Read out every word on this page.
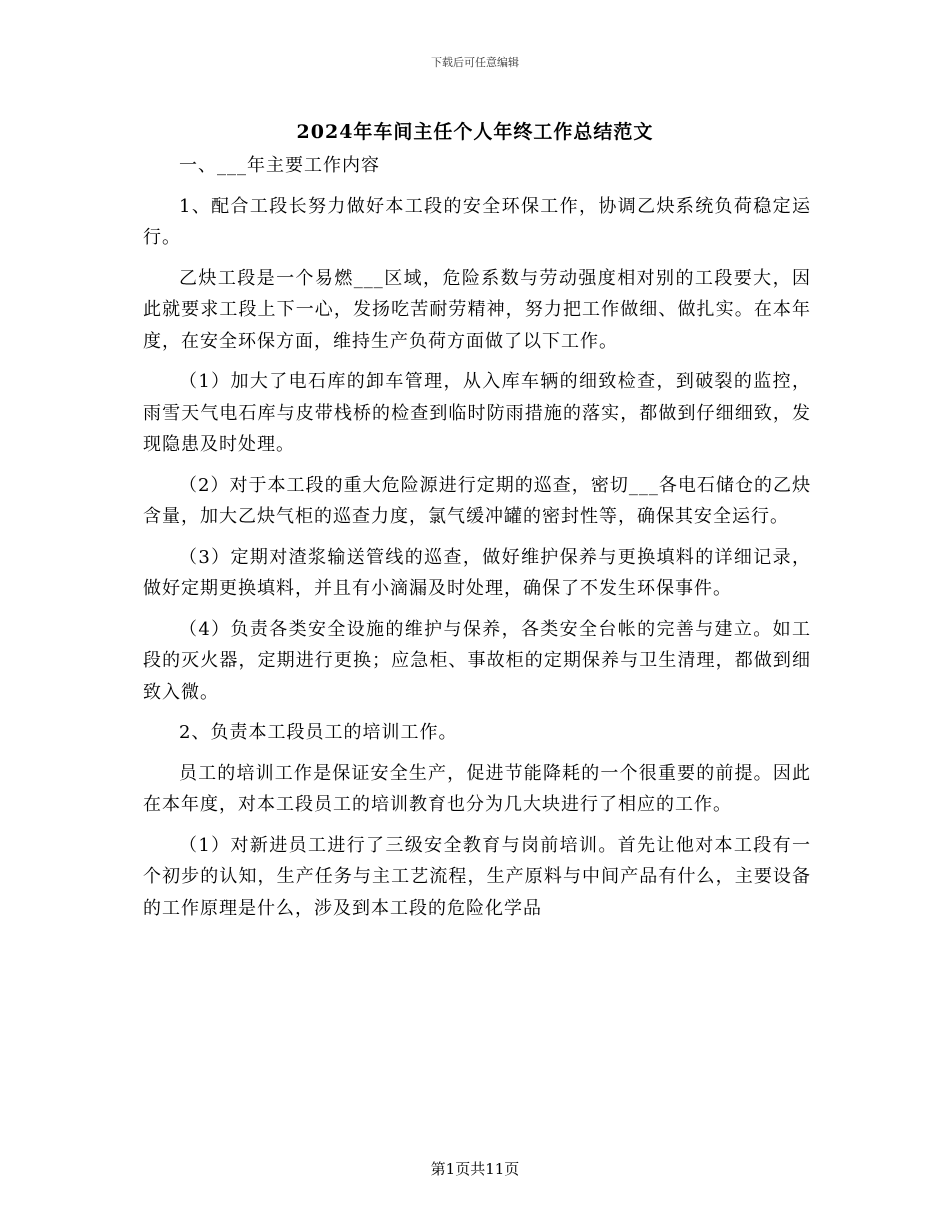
下载后可任意编辑
2024年车间主任个人年终工作总结范文

一、___年主要工作内容

1、配合工段长努力做好本工段的安全环保工作，协调乙炔系统负荷稳定运行。

乙炔工段是一个易燃___区域，危险系数与劳动强度相对别的工段要大，因此就要求工段上下一心，发扬吃苦耐劳精神，努力把工作做细、做扎实。在本年度，在安全环保方面，维持生产负荷方面做了以下工作。

（1）加大了电石库的卸车管理，从入库车辆的细致检查，到破裂的监控，雨雪天气电石库与皮带栈桥的检查到临时防雨措施的落实，都做到仔细细致，发现隐患及时处理。

（2）对于本工段的重大危险源进行定期的巡查，密切___各电石储仓的乙炔含量，加大乙炔气柜的巡查力度，氯气缓冲罐的密封性等，确保其安全运行。

（3）定期对渣浆输送管线的巡查，做好维护保养与更换填料的详细记录，做好定期更换填料，并且有小滴漏及时处理，确保了不发生环保事件。

（4）负责各类安全设施的维护与保养，各类安全台帐的完善与建立。如工段的灭火器，定期进行更换；应急柜、事故柜的定期保养与卫生清理，都做到细致入微。

2、负责本工段员工的培训工作。

员工的培训工作是保证安全生产，促进节能降耗的一个很重要的前提。因此在本年度，对本工段员工的培训教育也分为几大块进行了相应的工作。

（1）对新进员工进行了三级安全教育与岗前培训。首先让他对本工段有一个初步的认知，生产任务与主工艺流程，生产原料与中间产品有什么，主要设备的工作原理是什么，涉及到本工段的危险化学品

第1页共11页
